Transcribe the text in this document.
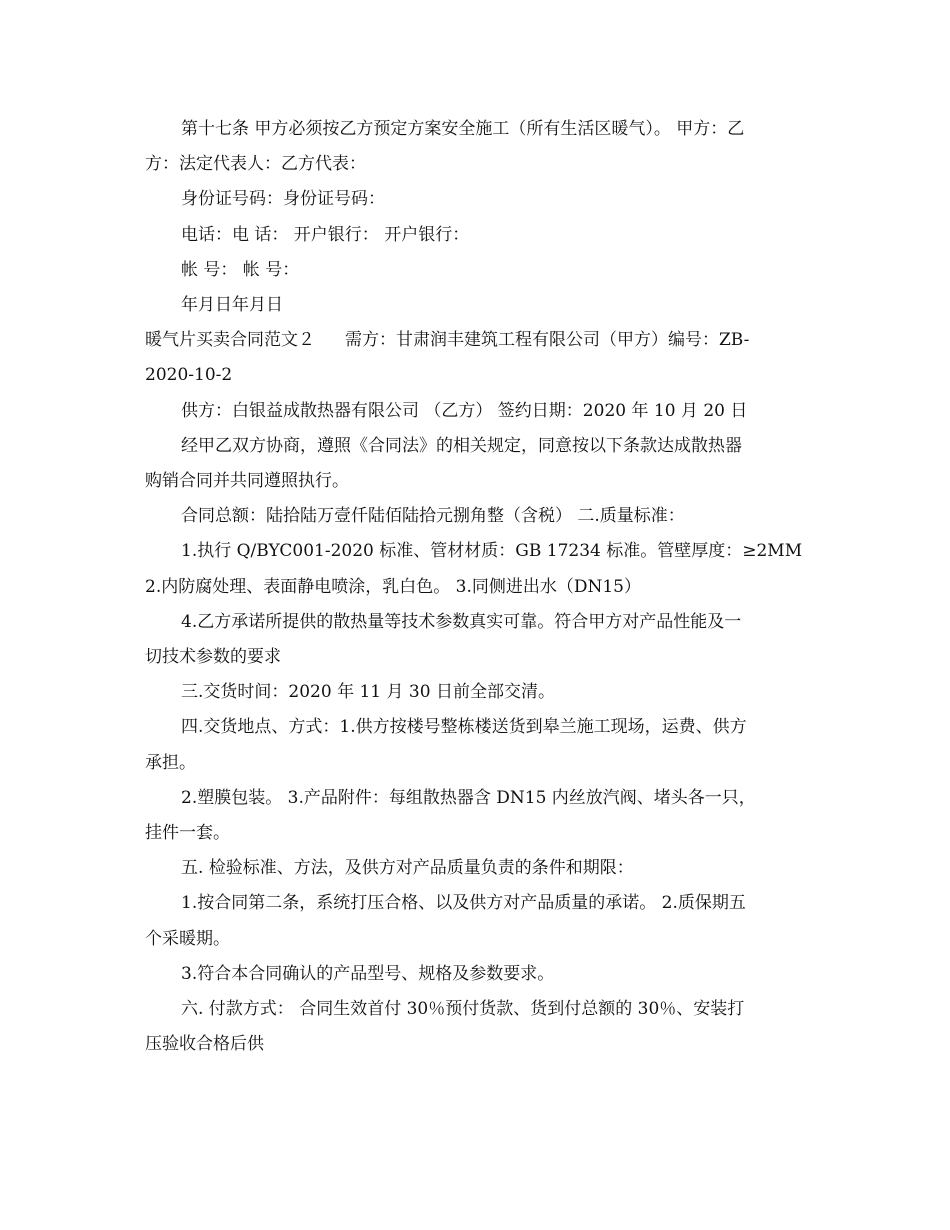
第十七条 甲方必须按乙方预定方案安全施工（所有生活区暖气）。 甲方：乙

方：法定代表人：乙方代表：

身份证号码：身份证号码：

电话：电 话： 开户银行： 开户银行：

帐 号： 帐 号：

年月日年月日

暖气片买卖合同范文２ 需方：甘肃润丰建筑工程有限公司（甲方）编号：ZB-

2020-10-2

供方：白银益成散热器有限公司 （乙方） 签约日期：2020 年 10 月 20 日

经甲乙双方协商，遵照《合同法》的相关规定，同意按以下条款达成散热器

购销合同并共同遵照执行。

合同总额：陆拾陆万壹仟陆佰陆拾元捌角整（含税） 二.质量标准：

1.执行 Q/BYC001-2020 标准、管材材质：GB 17234 标准。管壁厚度：≥2MM

2.内防腐处理、表面静电喷涂，乳白色。 3.同侧进出水（DN15）

4.乙方承诺所提供的散热量等技术参数真实可靠。符合甲方对产品性能及一

切技术参数的要求

三.交货时间：2020 年 11 月 30 日前全部交清。

四.交货地点、方式：1.供方按楼号整栋楼送货到皋兰施工现场，运费、供方

承担。

2.塑膜包装。 3.产品附件：每组散热器含 DN15 内丝放汽阀、堵头各一只，

挂件一套。

五. 检验标准、方法，及供方对产品质量负责的条件和期限：

1.按合同第二条，系统打压合格、以及供方对产品质量的承诺。 2.质保期五

个采暖期。

3.符合本合同确认的产品型号、规格及参数要求。

六. 付款方式： 合同生效首付 30％预付货款、货到付总额的 30％、安装打

压验收合格后供
